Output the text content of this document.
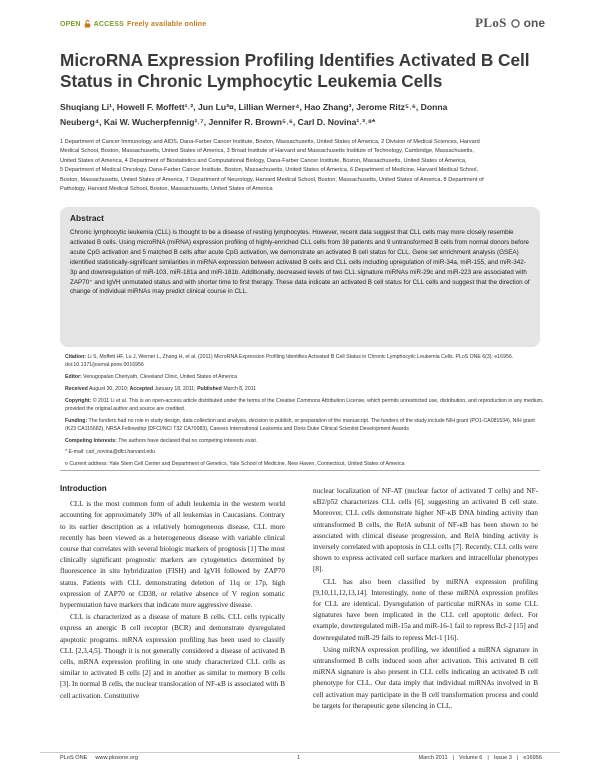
OPEN ACCESS Freely available online	PLoS one
MicroRNA Expression Profiling Identifies Activated B Cell Status in Chronic Lymphocytic Leukemia Cells
Shuqiang Li¹, Howell F. Moffett¹˒², Jun Lu³¤, Lillian Werner⁴, Hao Zhang³, Jerome Ritz⁵˒⁶, Donna
Neuberg⁴, Kai W. Wucherpfennig¹˒⁷, Jennifer R. Brown⁵˒⁶, Carl D. Novina¹˒³˒⁸*

1 Department of Cancer Immunology and AIDS, Dana-Farber Cancer Institute, Boston, Massachusetts, United States of America, 2 Division of Medical Sciences, Harvard

Medical School, Boston, Massachusetts, United States of America, 3 Broad Institute of Harvard and Massachusetts Institute of Technology, Cambridge, Massachusetts,

United States of America, 4 Department of Biostatistics and Computational Biology, Dana-Farber Cancer Institute, Boston, Massachusetts, United States of America,

5 Department of Medical Oncology, Dana-Farber Cancer Institute, Boston, Massachusetts, United States of America, 6 Department of Medicine, Harvard Medical School,

Boston, Massachusetts, United States of America, 7 Department of Neurology, Harvard Medical School, Boston, Massachusetts, United States of America, 8 Department of

Pathology, Harvard Medical School, Boston, Massachusetts, United States of America

Abstract

Chronic lymphocytic leukemia (CLL) is thought to be a disease of resting lymphocytes. However, recent data suggest that CLL cells may more closely resemble activated B cells. Using microRNA (miRNA) expression profiling of highly-enriched CLL cells from 38 patients and 9 untransformed B cells from normal donors before acute CpG activation and 5 matched B cells after acute CpG activation, we demonstrate an activated B cell status for CLL. Gene set enrichment analysis (GSEA) identified statistically-significant similarities in miRNA expression between activated B cells and CLL cells including upregulation of miR-34a, miR-155, and miR-342-3p and downregulation of miR-103, miR-181a and miR-181b. Additionally, decreased levels of two CLL signature miRNAs miR-29c and miR-223 are associated with ZAP70⁺ and IgVH unmutated status and with shorter time to first therapy. These data indicate an activated B cell status for CLL cells and suggest that the direction of change of individual miRNAs may predict clinical course in CLL.

Citation: Li S, Moffett HF, Lu J, Werner L, Zhang H, et al. (2011) MicroRNA Expression Profiling Identifies Activated B Cell Status in Chronic Lymphocytic Leukemia Cells. PLoS ONE 6(3): e16956. doi:10.1371/journal.pone.0016956

Editor: Venugopalan Cheriyath, Cleveland Clinic, United States of America

Received August 30, 2010; Accepted January 18, 2011; Published March 8, 2011

Copyright: © 2011 Li et al. This is an open-access article distributed under the terms of the Creative Commons Attribution License, which permits unrestricted use, distribution, and reproduction in any medium, provided the original author and source are credited.

Funding: The funders had no role in study design, data collection and analysis, decision to publish, or preparation of the manuscript. The funders of the study include NIH grant (PO1-CA081534), NIH grant (K23 CA115682), NRSA Fellowship (DFCI/NCI T32 CA70083), Careers International Leukemia and Doris Duke Clinical Scientist Development Awards

Competing Interests: The authors have declared that no competing interests exist.

* E-mail: carl_novina@dfci.harvard.edu

¤ Current address: Yale Stem Cell Center and Department of Genetics, Yale School of Medicine, New Haven, Connecticut, United States of America

Introduction

CLL is the most common form of adult leukemia in the western world accounting for approximately 30% of all leukemias in Caucasians. Contrary to its earlier description as a relatively homogeneous disease, CLL more recently has been viewed as a heterogeneous disease with variable clinical course that correlates with several biologic markers of prognosis [1] The most clinically significant prognostic markers are cytogenetics determined by fluorescence in situ hybridization (FISH) and IgVH followed by ZAP70 status. Patients with CLL demonstrating deletion of 11q or 17p, high expression of ZAP70 or CD38, or relative absence of V region somatic hypermutation have markers that indicate more aggressive disease.

CLL is characterized as a disease of mature B cells. CLL cells typically express an anergic B cell receptor (BCR) and demonstrate dysregulated apoptotic programs. mRNA expression profiling has been used to classify CLL [2,3,4,5]. Though it is not generally considered a disease of activated B cells, mRNA expression profiling in one study characterized CLL cells as similar to activated B cells [2] and in another as similar to memory B cells [3]. In normal B cells, the nuclear translocation of NF-κB is associated with B cell activation. Constitutive

nuclear localization of NF-AT (nuclear factor of activated T cells) and NF-κB2/p52 characterizes CLL cells [6], suggesting an activated B cell state. Moreover, CLL cells demonstrate higher NF-κB DNA binding activity than untransformed B cells, the RelA subunit of NF-κB has been shown to be associated with clinical disease progression, and RelA binding activity is inversely correlated with apoptosis in CLL cells [7]. Recently, CLL cells were shown to express activated cell surface markers and intracellular phenotypes [8].

CLL has also been classified by miRNA expression profiling [9,10,11,12,13,14]. Interestingly, none of these miRNA expression profiles for CLL are identical. Dysregulation of particular miRNAs in some CLL signatures have been implicated in the CLL cell apoptotic defect. For example, downregulated miR-15a and miR-16-1 fail to repress Bcl-2 [15] and downregulated miR-29 fails to repress Mcl-1 [16].

Using miRNA expression profiling, we identified a miRNA signature in untransformed B cells induced soon after activation. This activated B cell miRNA signature is also present in CLL cells indicating an activated B cell phenotype for CLL. Our data imply that individual miRNAs involved in B cell activation may participate in the B cell transformation process and could be targets for therapeutic gene silencing in CLL.

PLoS ONE www.plosone.org	1	March 2011 | Volume 6 | Issue 3 | e16956
